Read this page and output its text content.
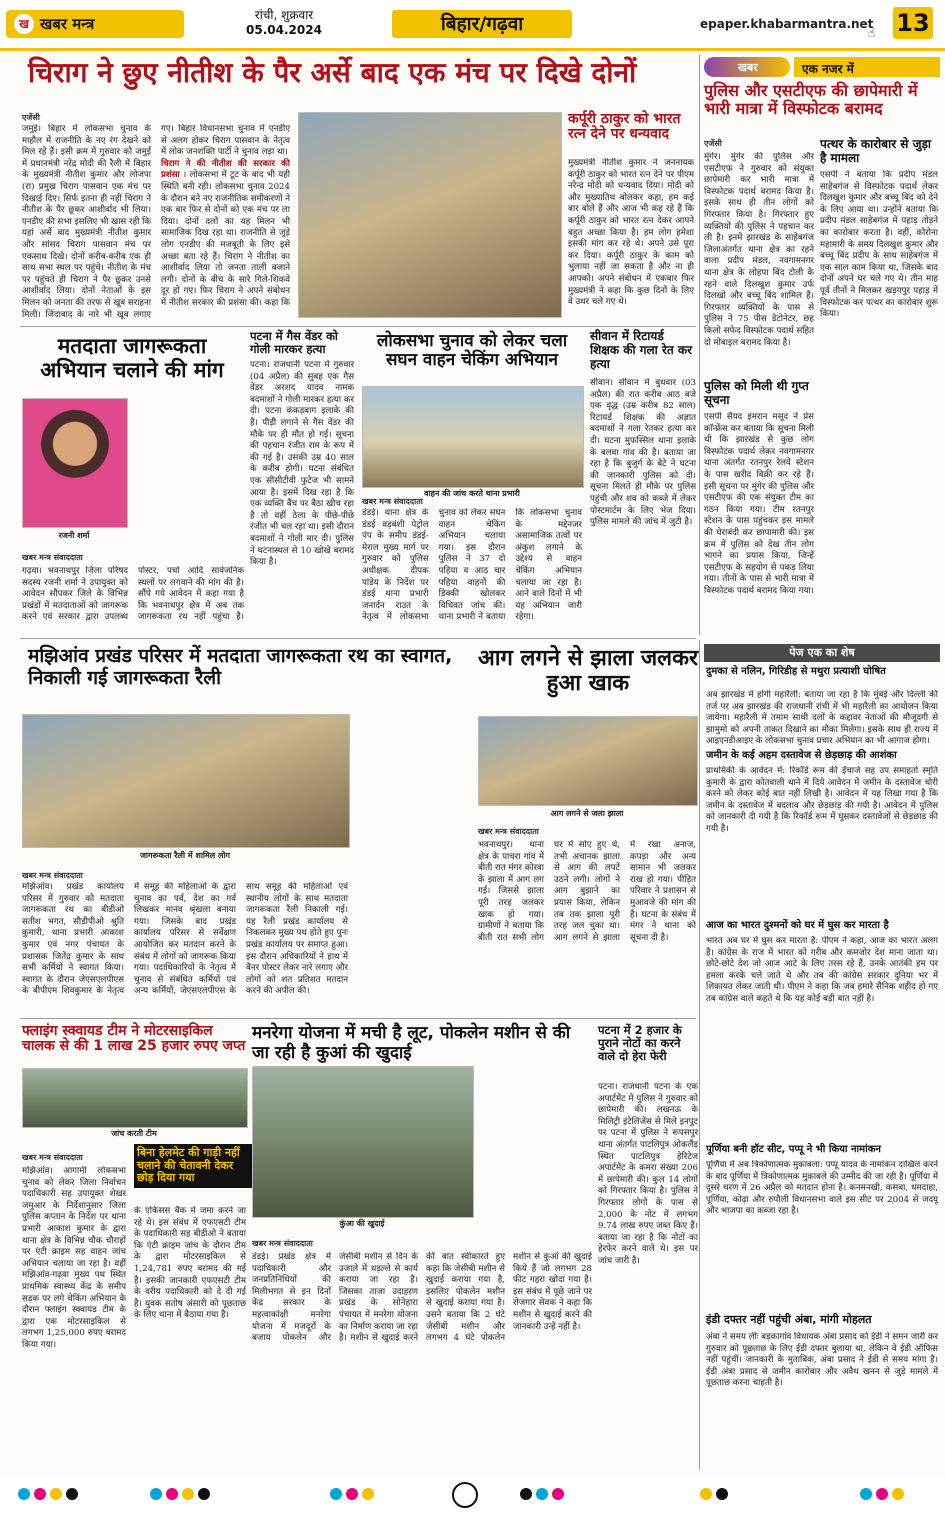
ख खबर मन्त्र	रांची, शुक्रवार
05.04.2024	बिहार/गढ़वा	epaper.khabarmantra.net
☝ 13
चिराग ने छुए नीतीश के पैर अर्से बाद एक मंच पर दिखे दोनों
एजेंसी
जमुई। बिहार में लोकसभा चुनाव के माहौल में राजनीति के नए रंग देखने को मिल रहे हैं। इसी क्रम में गुरुवार को जमुई में प्रधानमंत्री नरेंद्र मोदी की रैली में बिहार के मुख्यमंत्री नीतीश कुमार और लोजपा (रा) प्रमुख चिराग पासवान एक मंच पर दिखाई दिए। सिर्फ इतना ही नहीं चिराग ने नीतीश के पैर छूकर आशीर्वाद भी लिया। एनडीए की सभा इसलिए भी खास रही कि यहां अर्से बाद मुख्यमंत्री नीतीश कुमार और सांसद चिराग पासवान मंच पर एकसाथ दिखे। दोनों करीब-करीब एक ही साथ सभा स्थल पर पहुंचे। नीतीश के मंच पर पहुंचते ही चिराग ने पैर छूकर उनसे आशीर्वाद लिया। दोनों नेताओं के इस मिलन को जनता की तरफ से खूब सराहना मिली। जिंदाबाद के नारे भी खूब लगाए गए। बिहार विधानसभा चुनाव में एनडीए से अलग होकर चिराग पासवान के नेतृत्व में लोक जनशक्ति पार्टी ने चुनाव लड़ा था।
चिराग ने की नीतीश की सरकार की प्रशंसा । लोकसभा में टूट के बाद भी यही स्थिति बनी रही। लोकसभा चुनाव 2024 के दौरान बने नए राजनीतिक समीकरणों ने एक बार फिर से दोनों को एक मंच पर ला दिया। दोनों दलों का यह मिलन भी सामाजिक दिख रहा था। राजनीति से जुड़े लोग एनडीए की मजबूती के लिए इसे अच्छा बता रहे हैं। चिराग ने नीतीश का आशीर्वाद लिया तो जनता ताली बजाने लगी। दोनों के बीच के सारे गिले-शिकवे दूर हो गए। फिर चिराग ने अपने संबोधन में नीतीश सरकार की प्रशंसा की। कहा कि
कर्पूरी ठाकुर को भारत रत्न देने पर धन्यवाद
मुख्यमंत्री नीतीश कुमार ने जननायक कर्पूरी ठाकुर को भारत रत्न देने पर पीएम नरेन्द्र मोदी को धन्यवाद दिया। मोदी को और मुख्यातिथ बोलकर कहा, हम कई बार बोले हैं और आज भी कह रहे हैं कि कर्पूरी ठाकुर को भारत रत्न देकर आपने बहुत अच्छा किया है। हम लोग हमेशा इसकी मांग कर रहे थे। अपने उसे पूरा कर दिया। कर्पूरी ठाकुर के काम को भुलाया नहीं जा सकता है और ना ही आपको। अपने संबोधन में एकबार फिर मुख्यमंत्री ने कहा कि कुछ दिनों के लिए वे उधर चले गए थे।
खबर	एक नजर में
पुलिस और एसटीएफ की छापेमारी में भारी मात्रा में विस्फोटक बरामद
एजेंसी
मुंगेर। मुंगेर की पुलिस और एसटीएफ ने गुरुवार को संयुक्त छापेमारी कर भारी मात्रा में विस्फोटक पदार्थ बरामद किया है। इसके साथ ही तीन लोगों को गिरफ्तार किया है। गिरफ्तार हुए व्यक्तियों की पुलिस ने पहचान कर ली है। इनमें झारखंड के साहेबगंज जिलाअंतर्गत थाना क्षेत्र का रहने वाला प्रदीप मंडल, नवगामनगर थाना क्षेत्र के लोहपा बिंद टोली के रहने वाले दिलखुश कुमार उर्फ दिलखो और बच्चू बिंद शामिल हैं। गिरफ्तार व्यक्तियों के पास से पुलिस ने 75 पीस डेटोनेटर, छह किलो सफेद विस्फोटक पदार्थ सहित दो मोबाइल बरामद किया है।
पत्थर के कारोबार से जुड़ा है मामला
एसपी ने बताया कि प्रदीप मंडल साहेबगंज से विस्फोटक पदार्थ लेकर दिलखुश कुमार और बच्चू बिंद को देने के लिए आया था। उन्होंने बताया कि प्रदीप मंडल साहेबगंज में पहाड़ तोड़ने का कारोबार करता है। वहीं, कोरोना महामारी के समय दिलखुश कुमार और बच्चू बिंद प्रदीप के साथ साहेबगंज में एक साल काम किया था, जिसके बाद दोनों अपने घर चले गए थे। तीन माह पूर्व तीनों ने मिलकर खड़गपुर पहाड़ में विस्फोटक कर पत्थर का कारोबार शुरू किया।
पुलिस को मिली थी गुप्त सूचना
एसपी सैयद इमरान मसूद ने प्रेस कॉन्फ्रेंस कर बताया कि सूचना मिली थी कि झारखंड से कुछ लोग विस्फोटक पदार्थ लेकर नवगामनगर थाना अंतर्गत रतनपुर रेलवे स्टेशन के पास खरीद बिक्री कर रहे हैं। इसी सूचना पर मुंगेर की पुलिस और एसटीएफ की एक संयुक्त टीम का गठन किया गया। टीम रतनपुर स्टेशन के पास पहुंचकर इस मामले की घेराबंदी कर छापामारी की। इस क्रम में पुलिस को देख तीन लोग भागने का प्रयास किया, जिन्हें एसटीएफ के सहयोग से पकड़ लिया गया। तीनों के पास से भारी मात्रा में विस्फोटक पदार्थ बरामद किया गया।
मतदाता जागरूकता अभियान चलाने की मांग
रजनी शर्मा
खबर मन्त्र संवाददाता
गढ़वा। भवनाथपुर जिला परिषद सदस्य रजनी शर्मा ने उपायुक्त को आवेदन सौंपकर जिले के विभिन्न प्रखंडों में मतदाताओं को जागरूक करने एवं सरकार द्वारा उपलब्ध पोस्टर, पर्चा आदि सार्वजनिक स्थलों पर लगवाने की मांग की है। सौंपे गये आवेदन में कहा गया है कि भवनाथपुर क्षेत्र में अब तक जागरूकता रथ नहीं पहुंचा है।
पटना में गैस वेंडर को गोली मारकर हत्या
पटना। राजधानी पटना में गुरुवार (04 अप्रैल) की सुबह एक गैस वेंडर अरशद यादव नामक बदमाशों ने गोली मारकर हत्या कर दी। पटना कंकड़बाग इलाके की है। पीड़ी लगाने से गैस वेंडर की मौके पर ही मौत हो गई। सूचना की पहचान रंजीत राम के रूप में की गई है। उसकी उम्र 40 साल के करीब होगी। घटना संबंधित एक सीसीटीवी फुटेज भी सामने आया है। इसमें दिख रहा है कि एक व्यक्ति बैंच पर बैठा खीच रहा है तो वहीं ठेला के पीछे-पीछे रंजीत भी चल रहा था। इसी दौरान बदमाशों ने गोली मार दी। पुलिस ने घटनास्थल से 10 खोखे बरामद किया है।
लोकसभा चुनाव को लेकर चला सघन वाहन चेकिंग अभियान
वाहन की जांच करते थाना प्रभारी
खबर मन्त्र संवाददाता
डंडई। थाना क्षेत्र के डंडई वड़बंशी पेट्रोल पंप के समीप डंडई-मेराल मुख्य मार्ग पर गुरुवार को पुलिस अधीक्षक दीपक पांडेय के निर्देश पर डंडई थाना प्रभारी जनार्दन राउत के नेतृत्व में लोकसभा चुनाव को लेकर सघन वाहन चेकिंग अभियान चलाया गया। इस दौरान पुलिस ने 37 दो पहिया व आठ चार पहिया वाहनों की डिक्की खोलकर विधिवत जांच की। थाना प्रभारी ने बताया कि लोकसभा चुनाव के मद्देनजर असामाजिक तत्वों पर अंकुश लगाने के उद्देश्य से वाहन चेकिंग अभियान चलाया जा रहा है। आने वाले दिनों में भी यह अभियान जारी रहेगा।
सीवान में रिटायर्ड शिक्षक की गला रेत कर हत्या
सीवान। सीवान में बुधवार (03 अप्रैल) की रात करीब आठ बजे एक वृद्ध (उम्र करीब 82 साल) रिटायर्ड शिक्षक की अज्ञात बदमाशों ने गला रेतकर हत्या कर दी। घटना मुफस्सिल थाना इलाके के बलवा गांव की है। बताया जा रहा है कि बुजुर्ग के बेटे ने घटना की जानकारी पुलिस को दी। सूचना मिलते ही मौके पर पुलिस पहुंची और शव को कब्जे में लेकर पोस्टमार्टम के लिए भेज दिया। पुलिस मामले की जांच में जुटी है।
मझिआंव प्रखंड परिसर में मतदाता जागरूकता रथ का स्वागत, निकाली गई जागरूकता रैली
जागरूकता रैली में शामिल लोग
खबर मन्त्र संवाददाता
मझिआंव। प्रखंड कार्यालय परिसर में गुरुवार को मतदाता जागरूकता रथ का बीडीओ सतीश भगत, सीडीपीओ श्रुति कुमारी, थाना प्रभारी आकाश कुमार एवं नगर पंचायत के प्रशासक जितेंद्र कुमार के साथ सभी कर्मियों ने स्वागत किया। स्वागत के दौरान जेएसएलपीएस के बीपीएम शिवकुमार के नेतृत्व में समूह की महिलाओं के द्वारा चुनाव का पर्व, देश का गर्व लिखकर मानव श्रृंखला बनाया गया। जिसके बाद प्रखंड कार्यालय परिसर से सर्वेक्षण आयोजित कर मतदान करने के संबंध में लोगों को जागरूक किया गया। पदाधिकारियों के नेतृत्व में चुनाव से संबंधित कर्मियों एवं अन्य कर्मियों, जेएसएलपीएस के साथ समूह की महिलाओं एवं स्थानीय लोगों के साथ मतदाता जागरूकता रैली निकाली गई। यह रैली प्रखंड कार्यालय से निकलकर मुख्य पथ होते हुए पुनः प्रखंड कार्यालय पर समाप्त हुआ। इस दौरान अधिकारियों ने हाथ में बैनर पोस्टर लेकर नारे लगाए और लोगों को शत प्रतिशत मतदान करने की अपील की।
आग लगने से झाला जलकर हुआ खाक
आग लगने से जला झाला
खबर मन्त्र संवाददाता
भवनाथपुर। थाना क्षेत्र के पाचरा गांव में बीती रात मंगर कोरवा के झाला में आग लग गई। जिससे झाला पूरी तरह जलकर खाक हो गया। ग्रामीणों ने बताया कि बीती रात सभी लोग घर में सोए हुए थे, तभी अचानक झाला से आग की लपटें उठने लगी। लोगों ने आग बुझाने का प्रयास किया, लेकिन तब तक झाला पूरी तरह जल चुका था। आग लगने से झाला में रखा अनाज, कपड़ा और अन्य सामान भी जलकर राख हो गया। पीड़ित परिवार ने प्रशासन से मुआवजे की मांग की है। घटना के संबंध में मंगर ने थाना को सूचना दी है।
पेज एक का शेष
दुमका से नलिन, गिरिडीह से मथुरा प्रत्याशी घोषित
अब झारखंड में होगी महारैली: बताया जा रहा है कि मुंबई और दिल्ली की तर्ज पर अब झारखंड की राजधानी रांची में भी महारैली का आयोजन किया जायेगा। महारैली में तमाम साथी दलों के कद्दावर नेताओं की मौजूदगी से झामुमो को अपनी ताकत दिखाने का मौका मिलेगा। इसके साथ ही राज्य में आइएनडीआइए के लोकसभा चुनाव प्रचार अभियान का भी आगाज होगा।
जमीन के कई अहम दस्तावेज से छेड़छाड़ की आशंका
प्राथमिकी के आवेदन में: रिकॉर्ड रूम की ईंचार्ज सह उप समाहर्ता स्मृति कुमारी के द्वारा कोतवाली थाने में दिये आवेदन में जमीन के दस्तावेज चोरी करने को लेकर कोई बात नहीं लिखी है। आवेदन में यह लिखा गया है कि जमीन के दस्तावेज में बदलाव और छेड़छाड़ की गयी है। आवेदन में पुलिस को जानकारी दी गयी है कि रिकॉर्ड रूम में घुसकर दस्तावेजों से छेड़छाड़ की गयी है।
आज का भारत दुश्मनों को घर में घुस कर मारता है
भारत अब घर में घुस कर मारता है: पीएम ने कहा, आज का भारत अलग है। कांग्रेस के राज में भारत को गरीब और कमजोर देश माना जाता था। छोटे-छोटे देश जो आज आटे के लिए तरस रहे हैं, उनके आतंकी हम पर हमला करके चले जाते थे और तब की कांग्रेस सरकार दुनिया भर में शिकायत लेकर जाती थी। पीएम ने कहा कि जब हमारे सैनिक शहीद हो गए तब कांग्रेस वाले कहते थे कि यह कोई बड़ी बात नहीं है।
पूर्णिया बनी हॉट सीट, पप्पू ने भी किया नामांकन
पूर्णिया में अब त्रिकोणात्मक मुकाबला: पप्पू यादव के नामांकन दाखिल करने के बाद पूर्णिया में त्रिकोणात्मक मुकाबले की उम्मीद की जा रही है। पूर्णिया में दूसरे चरण में 26 अप्रैल को मतदान होना है। कनमनखी, कसबा, धमदाहा, पूर्णिया, कोढ़ा और रुपौली विधानसभा वाले इस सीट पर 2004 से जदयू और भाजपा का कब्जा रहा है।
इंडी दफ्तर नहीं पहुंची अंबा, मांगी मोहलत
अंबा ने समय लीः बड़कागांव विधायक अंबा प्रसाद को ईडी ने समन जारी कर गुरुवार को पूछताछ के लिए ईडी दफ्तर बुलाया था, लेकिन वे ईडी ऑफिस नहीं पहुंचीं। जानकारी के मुताबिक, अंबा प्रसाद ने ईडी से समय मांगा है। ईडी अंबा प्रसाद से जमीन कारोबार और अवैध खनन से जुड़े मामले में पूछताछ करना चाहती है।
फ्लाइंग स्क्वायड टीम ने मोटरसाइकिल चालक से की 1 लाख 25 हजार रुपए जप्त
जांच करती टीम
खबर मन्त्र संवाददाता
मझिआंव। आगामी लोकसभा चुनाव को लेकर जिला निर्वाचन पदाधिकारी सह उपायुक्त शेखर जमुआर के निर्देशानुसार जिला पुलिस कप्तान के निर्देश पर थाना प्रभारी आकाश कुमार के द्वारा थाना क्षेत्र के विभिन्न चौक चौराहों पर एंटी क्राइम सह वाहन जांच अभियान चलाया जा रहा है। वहीं मझिआंव-गढ़वा मुख्य पथ स्थित प्राथमिक स्वास्थ्य केंद्र के समीप सड़क पर लगे चेकिंग अभियान के दौरान फ्लाइंग स्क्वायड टीम के द्वारा एक मोटरसाइकिल से लगभग 1,25,000 रुपए बरामद किया गया।
बिना हेलमेट की गाड़ी नहीं चलाने की चेतावनी देकर छोड़ दिया गया
के एकिसस बैंक में जमा करने जा रहे थे। इस संबंध में एफएसटी टीम के पदाधिकारी सह बीडीओ ने बताया कि एंटी क्राइम जांच के दौरान टीम के द्वारा मोटरसाइकिल से 1,24,781 रुपए बरामद की गई है। इसकी जानकारी एफएसटी टीम के वरीय पदाधिकारी को दे दी गई है। युवक सतोष अंसारी को पूछताछ के लिए थाना में बैठाया गया है।
मनरेगा योजना में मची है लूट, पोकलेन मशीन से की जा रही है कुआं की खुदाई
कुंआ की खुदाई
खबर मन्त्र संवाददाता
डंडई। प्रखंड क्षेत्र में पदाधिकारी और जनप्रतिनिधियों की मिलीभगत से इन दिनों केंद्र सरकार के महत्वाकांक्षी मनरेगा योजना में मजदूरों के बजाय पोकलेन और जेसीबी मशीन से दिन के उजाले में धड़ल्ले से कार्य कराया जा रहा है। जिसका ताजा उदाहरण प्रखंड के सोनेहारा पंचायत में मनरेगा योजना का निर्माण कराया जा रहा है। मशीन से खुदाई करने की बात स्वीकारते हुए कहा कि जेसीबी मशीन से खुदाई कराया गया है, इसलिए पोकलेन मशीन से खुदाई कराया गया है। उसने बताया कि 2 घंटे जेसीबी मशीन और लगभग 4 घंटे पोकलेन मशीन से कुआं की खुदाई किये हैं जो लगभग 28 फीट गहरा खोदा गया है। इस संबंध में पूछे जाने पर रोजगार सेवक ने कहा कि मशीन से खुदाई करने की जानकारी उन्हें नहीं है।
पटना में 2 हजार के पुराने नोटों का करने वाले दो हेरा फेरी
पटना। राजधानी पटना के एक अपार्टमेंट में पुलिस ने गुरुवार को छापेमारी की। लखनऊ के मिलिट्री इंटेलिजेंस से मिले इनपुट पर पटना में पुलिस ने रूपसपुर थाना अंतर्गत पाटलिपुत्र ओकलैंड स्थित पाटलिपुत्र हेरिटेज अपार्टमेंट के कमरा संख्या 206 में छापेमारी की। कुल 14 लोगों को गिरफ्तार किया है। पुलिस ने गिरफ्तार लोगों के पास से 2,000 के नोट में लगभग 9.74 लाख रुपए जब्त किए हैं। बताया जा रहा है कि नोटों का हेरफेर करने वाले थे। इस पर जांच जारी है।
